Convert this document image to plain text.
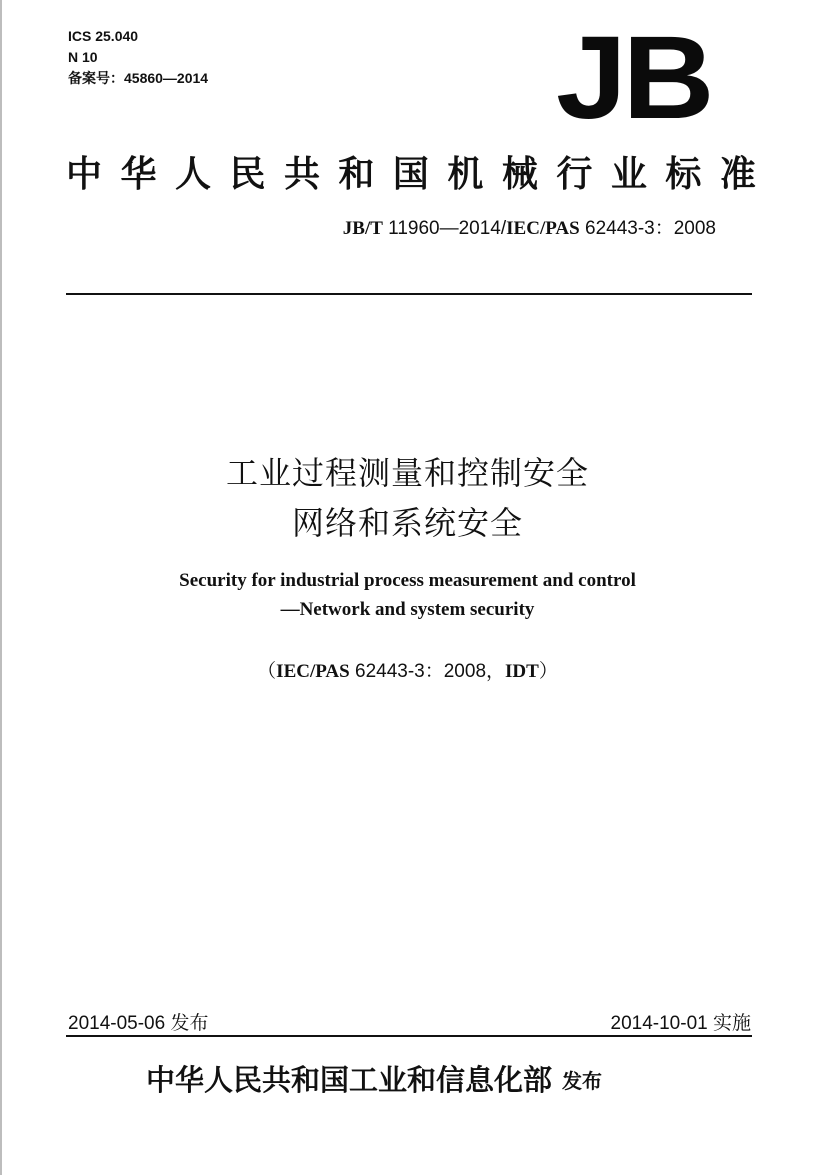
ICS 25.040
N 10
备案号：45860—2014	JB
中 华 人 民 共 和 国 机 械 行 业 标 准
JB/T 11960—2014/IEC/PAS 62443-3：2008
工业过程测量和控制安全
网络和系统安全
Security for industrial process measurement and control
—Network and system security
（IEC/PAS 62443-3：2008，IDT）
2014-05-06 发布	2014-10-01 实施
中华人民共和国工业和信息化部 发布
